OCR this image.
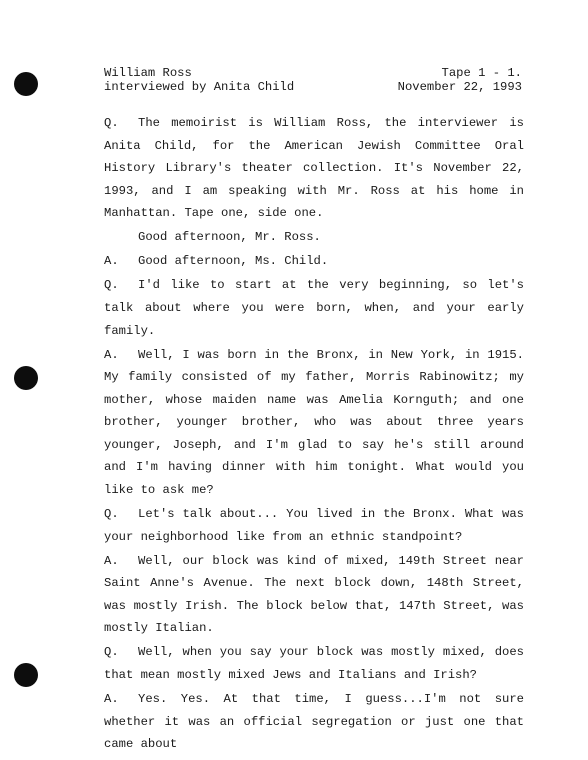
William Ross	Tape 1 - 1.
interviewed by Anita Child	November 22, 1993

Q. The memoirist is William Ross, the interviewer is Anita Child, for the American Jewish Committee Oral History Library's theater collection. It's November 22, 1993, and I am speaking with Mr. Ross at his home in Manhattan. Tape one, side one.

Good afternoon, Mr. Ross.

A. Good afternoon, Ms. Child.

Q. I'd like to start at the very beginning, so let's talk about where you were born, when, and your early family.

A. Well, I was born in the Bronx, in New York, in 1915. My family consisted of my father, Morris Rabinowitz; my mother, whose maiden name was Amelia Kornguth; and one brother, younger brother, who was about three years younger, Joseph, and I'm glad to say he's still around and I'm having dinner with him tonight. What would you like to ask me?

Q. Let's talk about... You lived in the Bronx. What was your neighborhood like from an ethnic standpoint?

A. Well, our block was kind of mixed, 149th Street near Saint Anne's Avenue. The next block down, 148th Street, was mostly Irish. The block below that, 147th Street, was mostly Italian.

Q. Well, when you say your block was mostly mixed, does that mean mostly mixed Jews and Italians and Irish?

A. Yes. Yes. At that time, I guess...I'm not sure whether it was an official segregation or just one that came about
